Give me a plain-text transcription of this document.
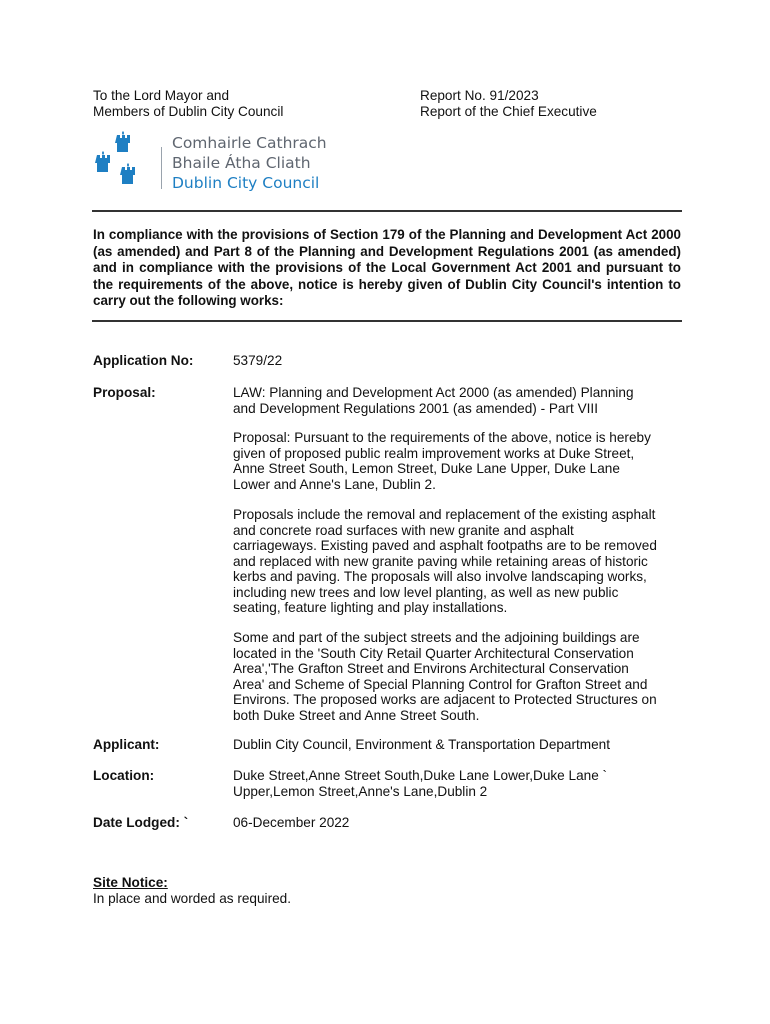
To the Lord Mayor and
Members of Dublin City Council
Report No. 91/2023
Report of the Chief Executive
Comhairle Cathrach
Bhaile Átha Cliath
Dublin City Council
In compliance with the provisions of Section 179 of the Planning and Development Act 2000 (as amended) and Part 8 of the Planning and Development Regulations 2001 (as amended) and in compliance with the provisions of the Local Government Act 2001 and pursuant to the requirements of the above, notice is hereby given of Dublin City Council's intention to carry out the following works:
Application No:	5379/22
Proposal:	LAW: Planning and Development Act 2000 (as amended) Planning
and Development Regulations 2001 (as amended) - Part VIII
Proposal: Pursuant to the requirements of the above, notice is hereby
given of proposed public realm improvement works at Duke Street,
Anne Street South, Lemon Street, Duke Lane Upper, Duke Lane
Lower and Anne's Lane, Dublin 2.
Proposals include the removal and replacement of the existing asphalt
and concrete road surfaces with new granite and asphalt
carriageways. Existing paved and asphalt footpaths are to be removed
and replaced with new granite paving while retaining areas of historic
kerbs and paving. The proposals will also involve landscaping works,
including new trees and low level planting, as well as new public
seating, feature lighting and play installations.
Some and part of the subject streets and the adjoining buildings are
located in the 'South City Retail Quarter Architectural Conservation
Area','The Grafton Street and Environs Architectural Conservation
Area' and Scheme of Special Planning Control for Grafton Street and
Environs. The proposed works are adjacent to Protected Structures on
both Duke Street and Anne Street South.
Applicant:	Dublin City Council, Environment & Transportation Department
Location:	Duke Street,Anne Street South,Duke Lane Lower,Duke Lane `
Upper,Lemon Street,Anne's Lane,Dublin 2
Date Lodged: `	06-December 2022
Site Notice:
In place and worded as required.
